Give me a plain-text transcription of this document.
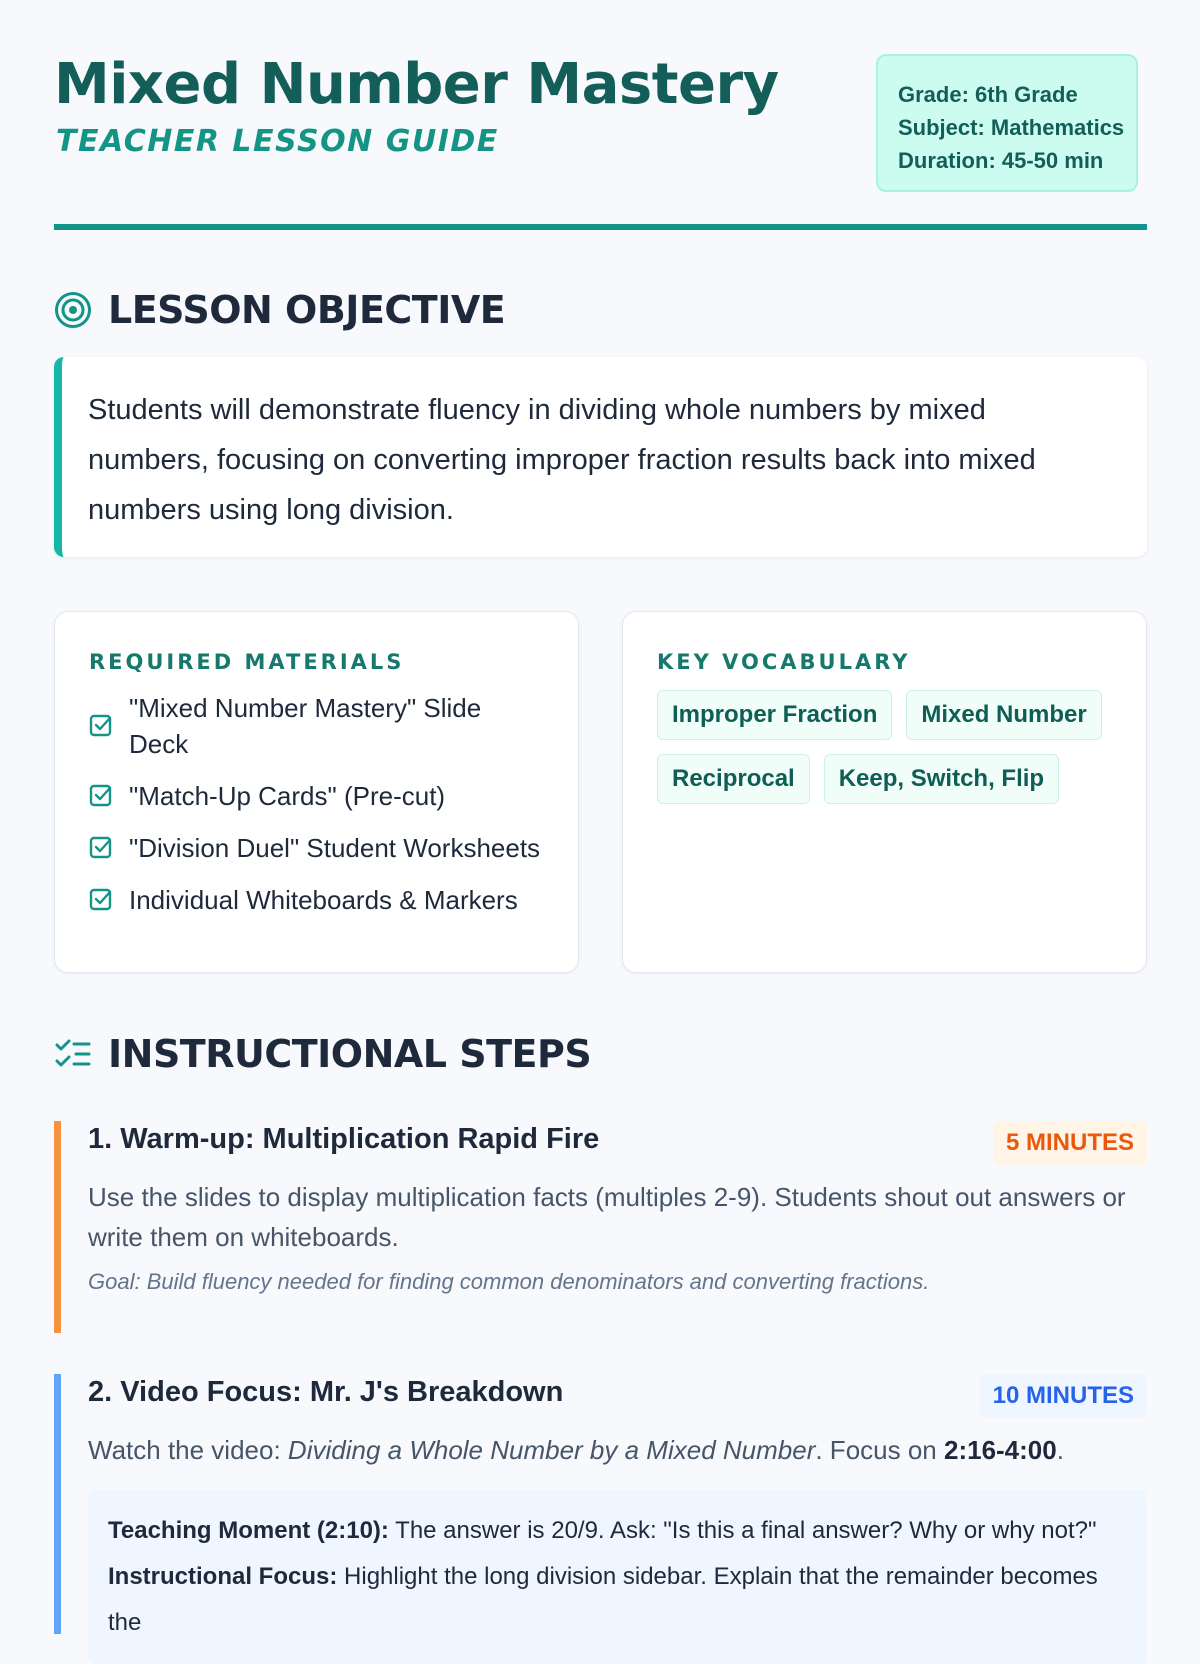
Mixed Number Mastery
TEACHER LESSON GUIDE
Grade: 6th Grade
Subject: Mathematics
Duration: 45-50 min
LESSON OBJECTIVE
Students will demonstrate fluency in dividing whole numbers by mixed numbers, focusing on converting improper fraction results back into mixed numbers using long division.
REQUIRED MATERIALS
"Mixed Number Mastery" Slide Deck
"Match-Up Cards" (Pre-cut)
"Division Duel" Student Worksheets
Individual Whiteboards & Markers
KEY VOCABULARY
Improper Fraction	Mixed Number
Reciprocal	Keep, Switch, Flip
INSTRUCTIONAL STEPS
1. Warm-up: Multiplication Rapid Fire	5 MINUTES
Use the slides to display multiplication facts (multiples 2-9). Students shout out answers or write them on whiteboards.
Goal: Build fluency needed for finding common denominators and converting fractions.
2. Video Focus: Mr. J's Breakdown	10 MINUTES
Watch the video: Dividing a Whole Number by a Mixed Number. Focus on 2:16-4:00.
Teaching Moment (2:10): The answer is 20/9. Ask: "Is this a final answer? Why or why not?"
Instructional Focus: Highlight the long division sidebar. Explain that the remainder becomes the
